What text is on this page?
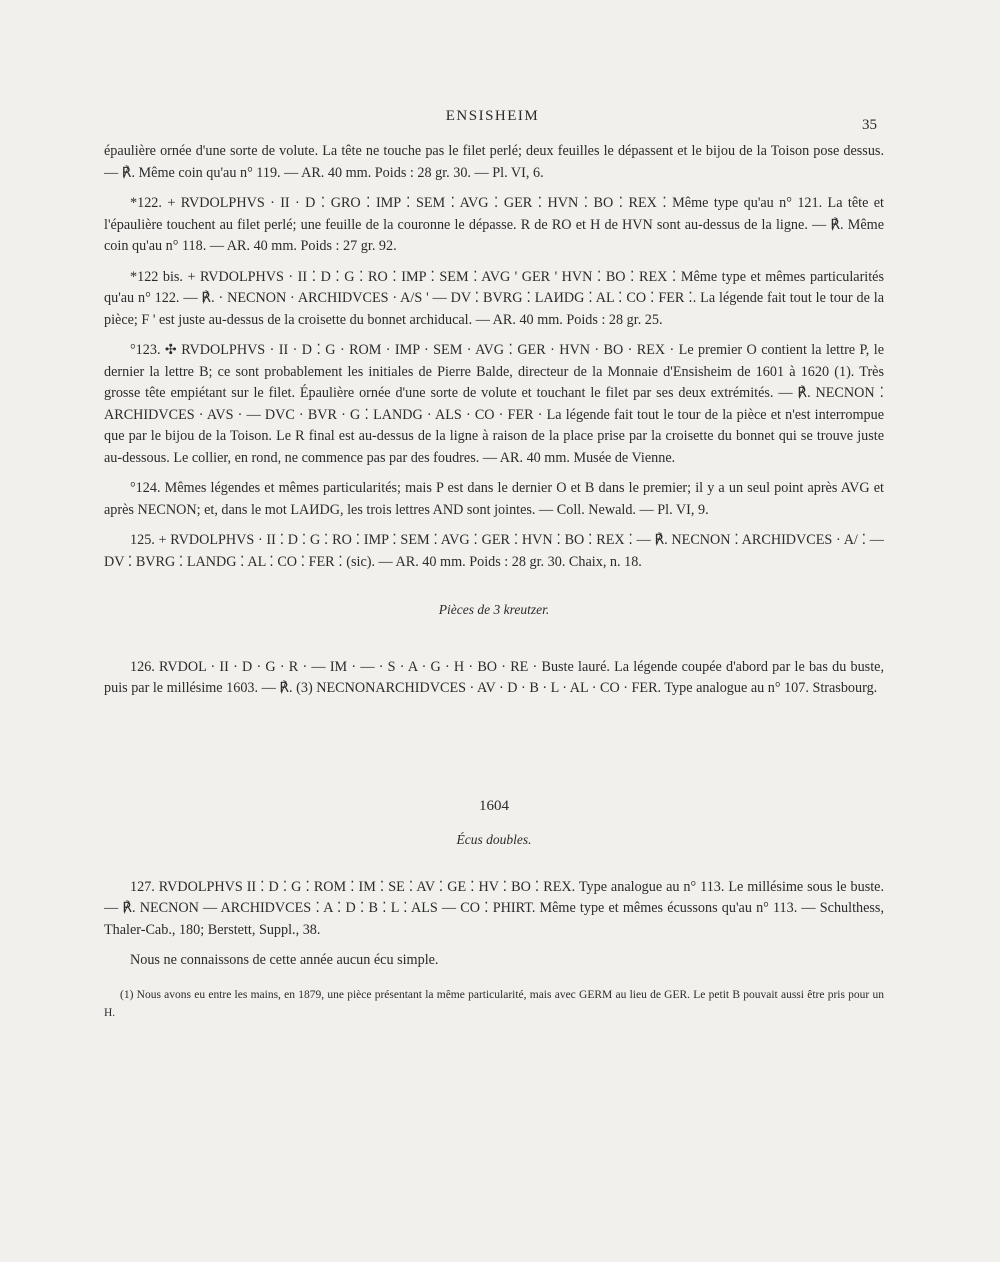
ENSISHEIM
35

épaulière ornée d'une sorte de volute. La tête ne touche pas le filet perlé; deux feuilles le dépassent et le bijou de la Toison pose dessus. — ℟. Même coin qu'au n° 119. — AR. 40 mm. Poids : 28 gr. 30. — Pl. VI, 6.

*122. + RVDOLPHVS · II · D ⁚ GRO ⁚ IMP ⁚ SEM ⁚ AVG ⁚ GER ⁚ HVN ⁚ BO ⁚ REX ⁚ Même type qu'au n° 121. La tête et l'épaulière touchent au filet perlé; une feuille de la couronne le dépasse. R de RO et H de HVN sont au-dessus de la ligne. — ℟. Même coin qu'au n° 118. — AR. 40 mm. Poids : 27 gr. 92.

*122 bis. + RVDOLPHVS · II ⁚ D ⁚ G ⁚ RO ⁚ IMP ⁚ SEM ⁚ AVG ' GER ' HVN ⁚ BO ⁚ REX ⁚ Même type et mêmes particularités qu'au n° 122. — ℟. · NECNON · ARCHIDVCES · A/S ' — DV ⁚ BVRG ⁚ LAИDG ⁚ AL ⁚ CO ⁚ FER ⁚. La légende fait tout le tour de la pièce; F ' est juste au-dessus de la croisette du bonnet archiducal. — AR. 40 mm. Poids : 28 gr. 25.

°123. ✣ RVDOLPHVS · II · D ⁚ G · ROM · IMP · SEM · AVG ⁚ GER · HVN · BO · REX · Le premier O contient la lettre P, le dernier la lettre B; ce sont probablement les initiales de Pierre Balde, directeur de la Monnaie d'Ensisheim de 1601 à 1620 (1). Très grosse tête empiétant sur le filet. Épaulière ornée d'une sorte de volute et touchant le filet par ses deux extrémités. — ℟. NECNON ⁚ ARCHIDVCES · AVS · — DVC · BVR · G ⁚ LANDG · ALS · CO · FER · La légende fait tout le tour de la pièce et n'est interrompue que par le bijou de la Toison. Le R final est au-dessus de la ligne à raison de la place prise par la croisette du bonnet qui se trouve juste au-dessous. Le collier, en rond, ne commence pas par des foudres. — AR. 40 mm. Musée de Vienne.

°124. Mêmes légendes et mêmes particularités; mais P est dans le dernier O et B dans le premier; il y a un seul point après AVG et après NECNON; et, dans le mot LAИDG, les trois lettres AND sont jointes. — Coll. Newald. — Pl. VI, 9.

125. + RVDOLPHVS · II ⁚ D ⁚ G ⁚ RO ⁚ IMP ⁚ SEM ⁚ AVG ⁚ GER ⁚ HVN ⁚ BO ⁚ REX ⁚ — ℟. NECNON ⁚ ARCHIDVCES · A/ ⁚ — DV ⁚ BVRG ⁚ LANDG ⁚ AL ⁚ CO ⁚ FER ⁚ (sic). — AR. 40 mm. Poids : 28 gr. 30. Chaix, n. 18.

Pièces de 3 kreutzer.

126. RVDOL · II · D · G · R · — IM · — · S · A · G · H · BO · RE · Buste lauré. La légende coupée d'abord par le bas du buste, puis par le millésime 1603. — ℟. (3) NECNONARCHIDVCES · AV · D · B · L · AL · CO · FER. Type analogue au n° 107. Strasbourg.

1604
Écus doubles.

127. RVDOLPHVS II ⁚ D ⁚ G ⁚ ROM ⁚ IM ⁚ SE ⁚ AV ⁚ GE ⁚ HV ⁚ BO ⁚ REX. Type analogue au n° 113. Le millésime sous le buste. — ℟. NECNON — ARCHIDVCES ⁚ A ⁚ D ⁚ B ⁚ L ⁚ ALS — CO ⁚ PHIRT. Même type et mêmes écussons qu'au n° 113. — Schulthess, Thaler-Cab., 180; Berstett, Suppl., 38.

Nous ne connaissons de cette année aucun écu simple.

(1) Nous avons eu entre les mains, en 1879, une pièce présentant la même particularité, mais avec GERM au lieu de GER. Le petit B pouvait aussi être pris pour un H.
